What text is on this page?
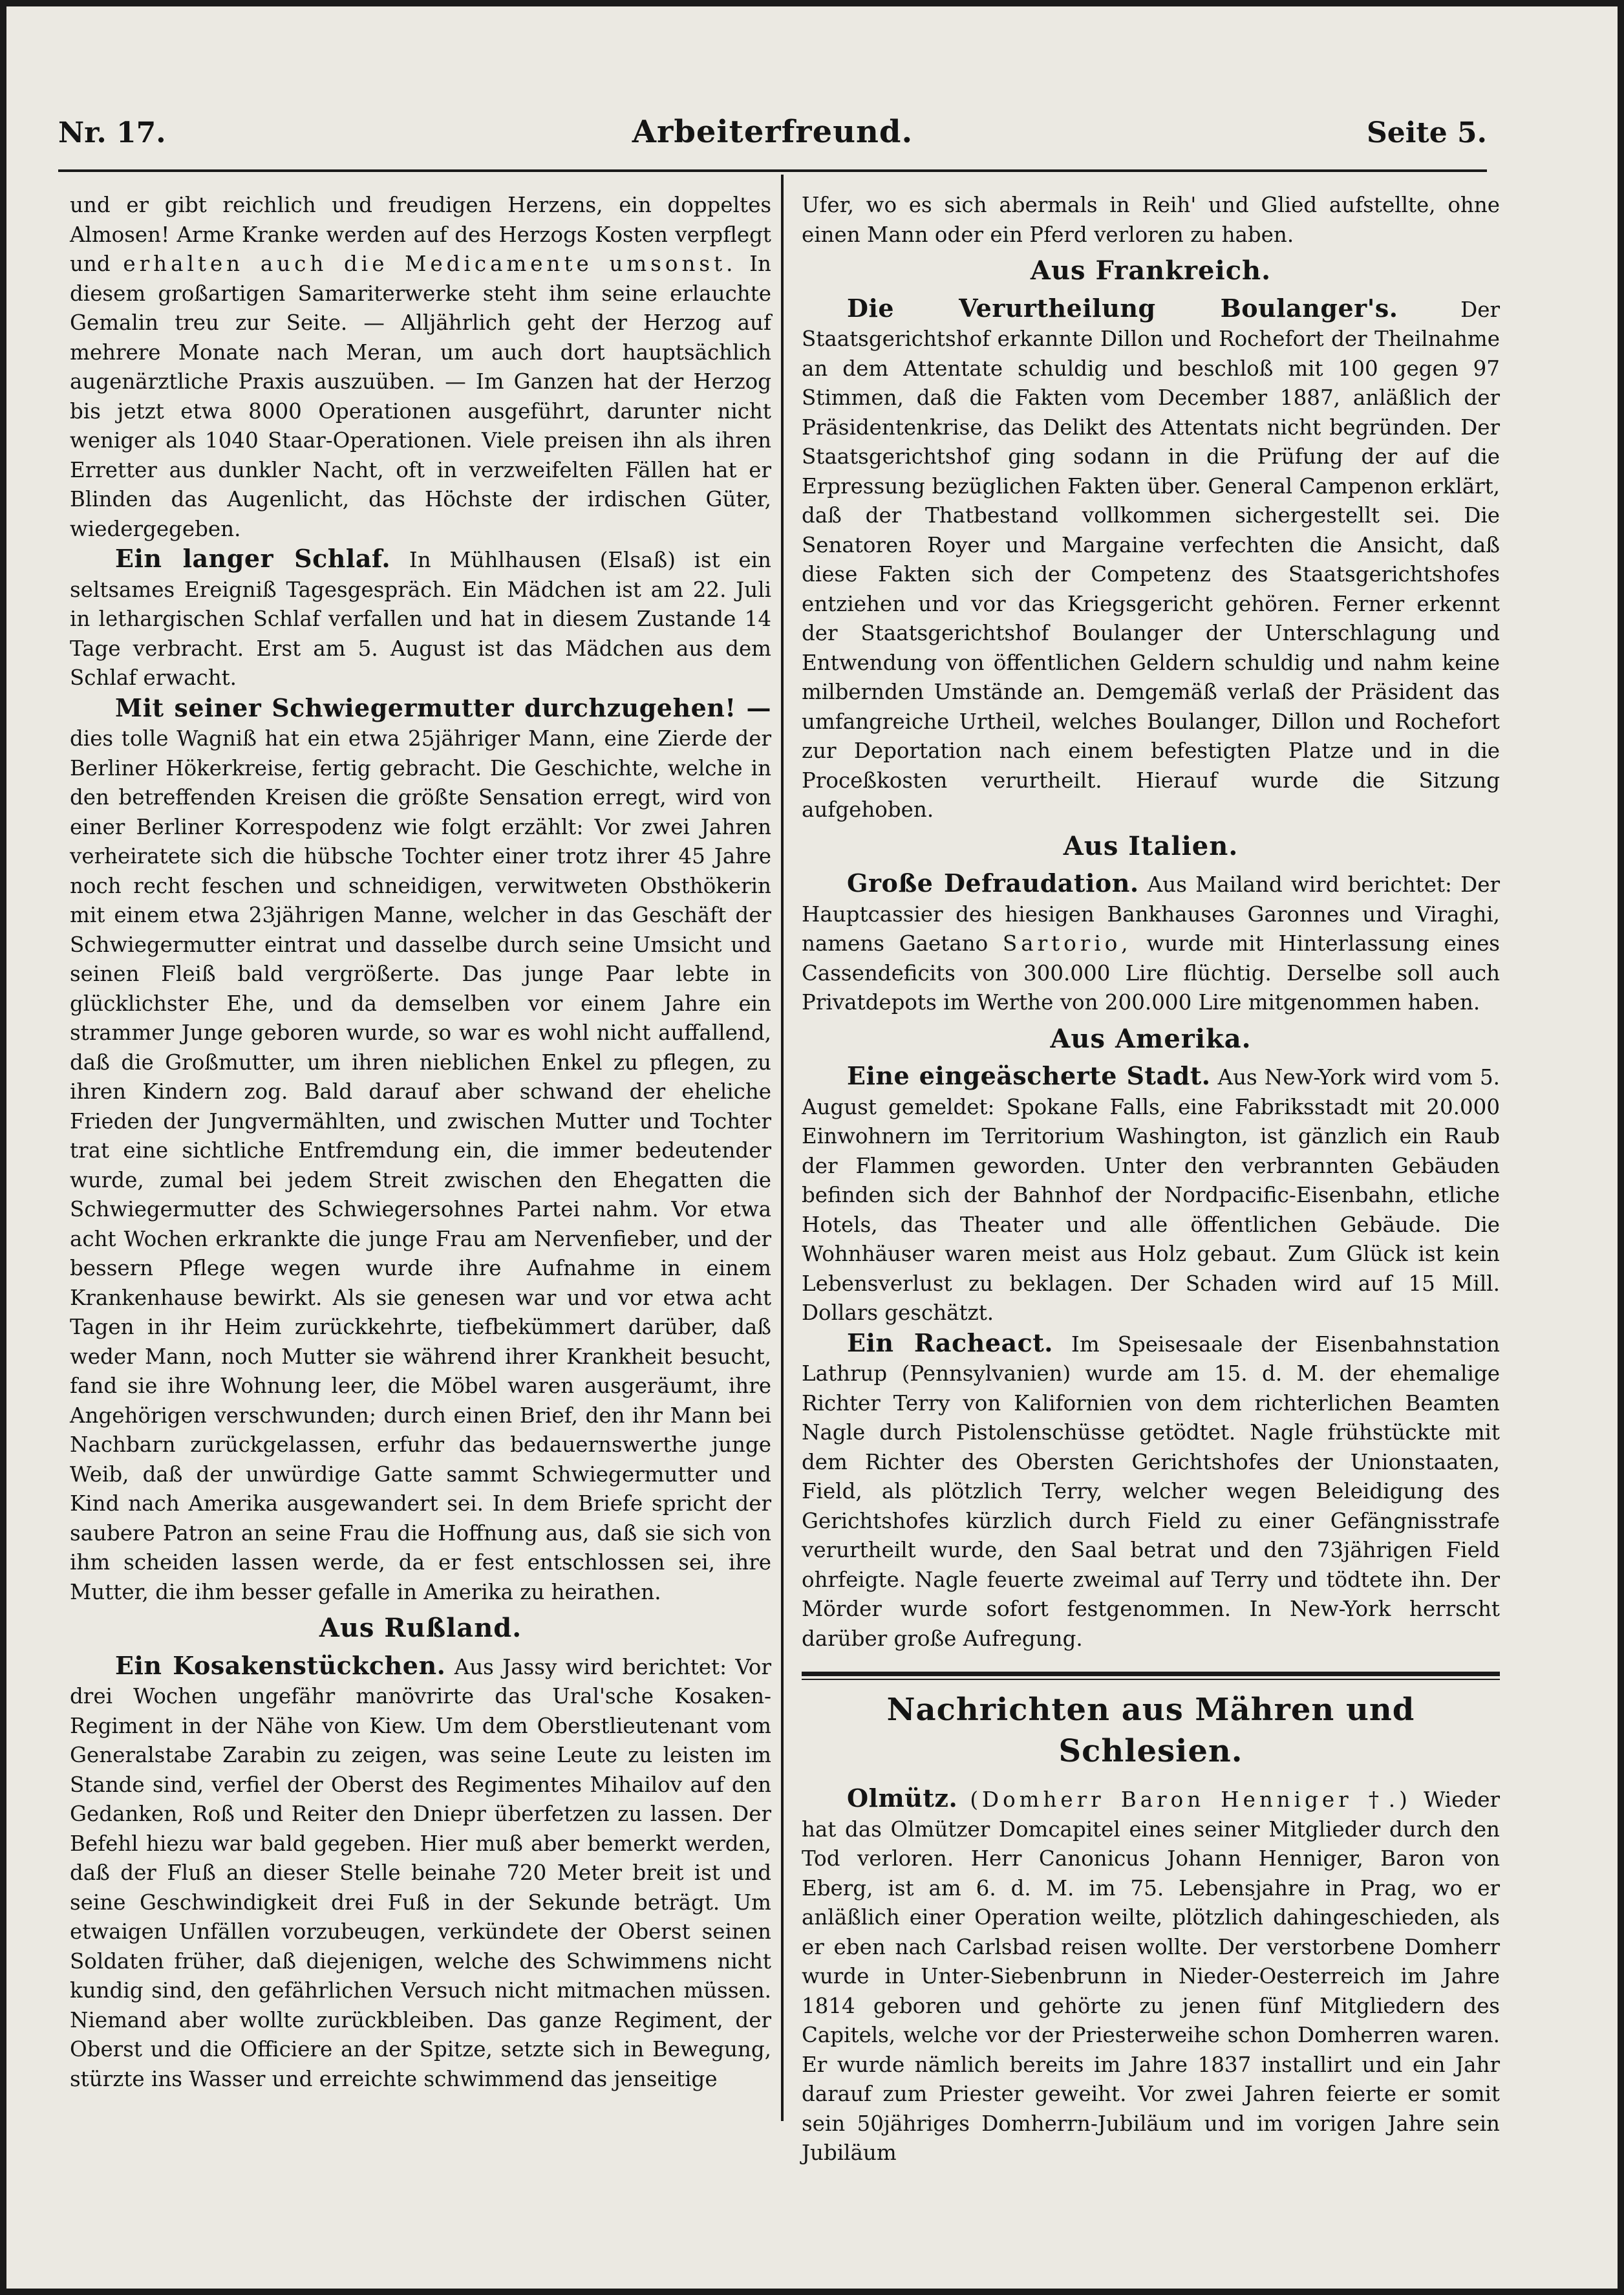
Nr. 17.	Arbeiterfreund.	Seite 5.

und er gibt reichlich und freudigen Herzens, ein doppeltes Almosen! Arme Kranke werden auf des Herzogs Kosten verpflegt und erhalten auch die Medicamente umsonst. In diesem großartigen Samariterwerke steht ihm seine erlauchte Gemalin treu zur Seite. — Alljährlich geht der Herzog auf mehrere Monate nach Meran, um auch dort hauptsächlich augenärztliche Praxis auszuüben. — Im Ganzen hat der Herzog bis jetzt etwa 8000 Operationen ausgeführt, darunter nicht weniger als 1040 Staar-Operationen. Viele preisen ihn als ihren Erretter aus dunkler Nacht, oft in verzweifelten Fällen hat er Blinden das Augenlicht, das Höchste der irdischen Güter, wiedergegeben.

Ein langer Schlaf. In Mühlhausen (Elsaß) ist ein seltsames Ereigniß Tagesgespräch. Ein Mädchen ist am 22. Juli in lethargischen Schlaf verfallen und hat in diesem Zustande 14 Tage verbracht. Erst am 5. August ist das Mädchen aus dem Schlaf erwacht.

Mit seiner Schwiegermutter durchzugehen! — dies tolle Wagniß hat ein etwa 25jähriger Mann, eine Zierde der Berliner Hökerkreise, fertig gebracht. Die Geschichte, welche in den betreffenden Kreisen die größte Sensation erregt, wird von einer Berliner Korrespodenz wie folgt erzählt: Vor zwei Jahren verheiratete sich die hübsche Tochter einer trotz ihrer 45 Jahre noch recht feschen und schneidigen, verwitweten Obsthökerin mit einem etwa 23jährigen Manne, welcher in das Geschäft der Schwiegermutter eintrat und dasselbe durch seine Umsicht und seinen Fleiß bald vergrößerte. Das junge Paar lebte in glücklichster Ehe, und da demselben vor einem Jahre ein strammer Junge geboren wurde, so war es wohl nicht auffallend, daß die Großmutter, um ihren nieblichen Enkel zu pflegen, zu ihren Kindern zog. Bald darauf aber schwand der eheliche Frieden der Jungvermählten, und zwischen Mutter und Tochter trat eine sichtliche Entfremdung ein, die immer bedeutender wurde, zumal bei jedem Streit zwischen den Ehegatten die Schwiegermutter des Schwiegersohnes Partei nahm. Vor etwa acht Wochen erkrankte die junge Frau am Nervenfieber, und der bessern Pflege wegen wurde ihre Aufnahme in einem Krankenhause bewirkt. Als sie genesen war und vor etwa acht Tagen in ihr Heim zurückkehrte, tiefbekümmert darüber, daß weder Mann, noch Mutter sie während ihrer Krankheit besucht, fand sie ihre Wohnung leer, die Möbel waren ausgeräumt, ihre Angehörigen verschwunden; durch einen Brief, den ihr Mann bei Nachbarn zurückgelassen, erfuhr das bedauernswerthe junge Weib, daß der unwürdige Gatte sammt Schwiegermutter und Kind nach Amerika ausgewandert sei. In dem Briefe spricht der saubere Patron an seine Frau die Hoffnung aus, daß sie sich von ihm scheiden lassen werde, da er fest entschlossen sei, ihre Mutter, die ihm besser gefalle in Amerika zu heirathen.

Aus Rußland.

Ein Kosakenstückchen. Aus Jassy wird berichtet: Vor drei Wochen ungefähr manövrirte das Ural'sche Kosaken-Regiment in der Nähe von Kiew. Um dem Oberstlieutenant vom Generalstabe Zarabin zu zeigen, was seine Leute zu leisten im Stande sind, verfiel der Oberst des Regimentes Mihailov auf den Gedanken, Roß und Reiter den Dniepr überfetzen zu lassen. Der Befehl hiezu war bald gegeben. Hier muß aber bemerkt werden, daß der Fluß an dieser Stelle beinahe 720 Meter breit ist und seine Geschwindigkeit drei Fuß in der Sekunde beträgt. Um etwaigen Unfällen vorzubeugen, verkündete der Oberst seinen Soldaten früher, daß diejenigen, welche des Schwimmens nicht kundig sind, den gefährlichen Versuch nicht mitmachen müssen. Niemand aber wollte zurückbleiben. Das ganze Regiment, der Oberst und die Officiere an der Spitze, setzte sich in Bewegung, stürzte ins Wasser und erreichte schwimmend das jenseitige

Ufer, wo es sich abermals in Reih' und Glied aufstellte, ohne einen Mann oder ein Pferd verloren zu haben.

Aus Frankreich.

Die Verurtheilung Boulanger's.	Der Staatsgerichtshof erkannte Dillon und Rochefort der Theilnahme an dem Attentate schuldig und beschloß mit 100 gegen 97 Stimmen, daß die Fakten vom December 1887, anläßlich der Präsidentenkrise, das Delikt des Attentats nicht begründen. Der Staatsgerichtshof ging sodann in die Prüfung der auf die Erpressung bezüglichen Fakten über. General Campenon erklärt, daß der Thatbestand vollkommen sichergestellt sei. Die Senatoren Royer und Margaine verfechten die Ansicht, daß diese Fakten sich der Competenz des Staatsgerichtshofes entziehen und vor das Kriegsgericht gehören. Ferner erkennt der Staatsgerichtshof Boulanger der Unterschlagung und Entwendung von öffentlichen Geldern schuldig und nahm keine milbernden Umstände an. Demgemäß verlaß der Präsident das umfangreiche Urtheil, welches Boulanger, Dillon und Rochefort zur Deportation nach einem befestigten Platze und in die Proceßkosten verurtheilt. Hierauf wurde die Sitzung aufgehoben.

Aus Italien.

Große Defraudation. Aus Mailand wird berichtet: Der Hauptcassier des hiesigen Bankhauses Garonnes und Viraghi, namens Gaetano Sartorio, wurde mit Hinterlassung eines Cassendeficits von 300.000 Lire flüchtig. Derselbe soll auch Privatdepots im Werthe von 200.000 Lire mitgenommen haben.

Aus Amerika.

Eine eingeäscherte Stadt. Aus New-York wird vom 5. August gemeldet: Spokane Falls, eine Fabriksstadt mit 20.000 Einwohnern im Territorium Washington, ist gänzlich ein Raub der Flammen geworden. Unter den verbrannten Gebäuden befinden sich der Bahnhof der Nordpacific-Eisenbahn, etliche Hotels, das Theater und alle öffentlichen Gebäude. Die Wohnhäuser waren meist aus Holz gebaut. Zum Glück ist kein Lebensverlust zu beklagen. Der Schaden wird auf 15 Mill. Dollars geschätzt.

Ein Racheact. Im Speisesaale der Eisenbahnstation Lathrup (Pennsylvanien) wurde am 15. d. M. der ehemalige Richter Terry von Kalifornien von dem richterlichen Beamten Nagle durch Pistolenschüsse getödtet. Nagle frühstückte mit dem Richter des Obersten Gerichtshofes der Unionstaaten, Field, als plötzlich Terry, welcher wegen Beleidigung des Gerichtshofes kürzlich durch Field zu einer Gefängnisstrafe verurtheilt wurde, den Saal betrat und den 73jährigen Field ohrfeigte. Nagle feuerte zweimal auf Terry und tödtete ihn. Der Mörder wurde sofort festgenommen. In New-York herrscht darüber große Aufregung.

Nachrichten aus Mähren und Schlesien.

Olmütz. (Domherr Baron Henniger †.) Wieder hat das Olmützer Domcapitel eines seiner Mitglieder durch den Tod verloren. Herr Canonicus Johann Henniger, Baron von Eberg, ist am 6. d. M. im 75. Lebensjahre in Prag, wo er anläßlich einer Operation weilte, plötzlich dahingeschieden, als er eben nach Carlsbad reisen wollte. Der verstorbene Domherr wurde in Unter-Siebenbrunn in Nieder-Oesterreich im Jahre 1814 geboren und gehörte zu jenen fünf Mitgliedern des Capitels, welche vor der Priesterweihe schon Domherren waren. Er wurde nämlich bereits im Jahre 1837 installirt und ein Jahr darauf zum Priester geweiht. Vor zwei Jahren feierte er somit sein 50jähriges Domherrn-Jubiläum und im vorigen Jahre sein Jubiläum
